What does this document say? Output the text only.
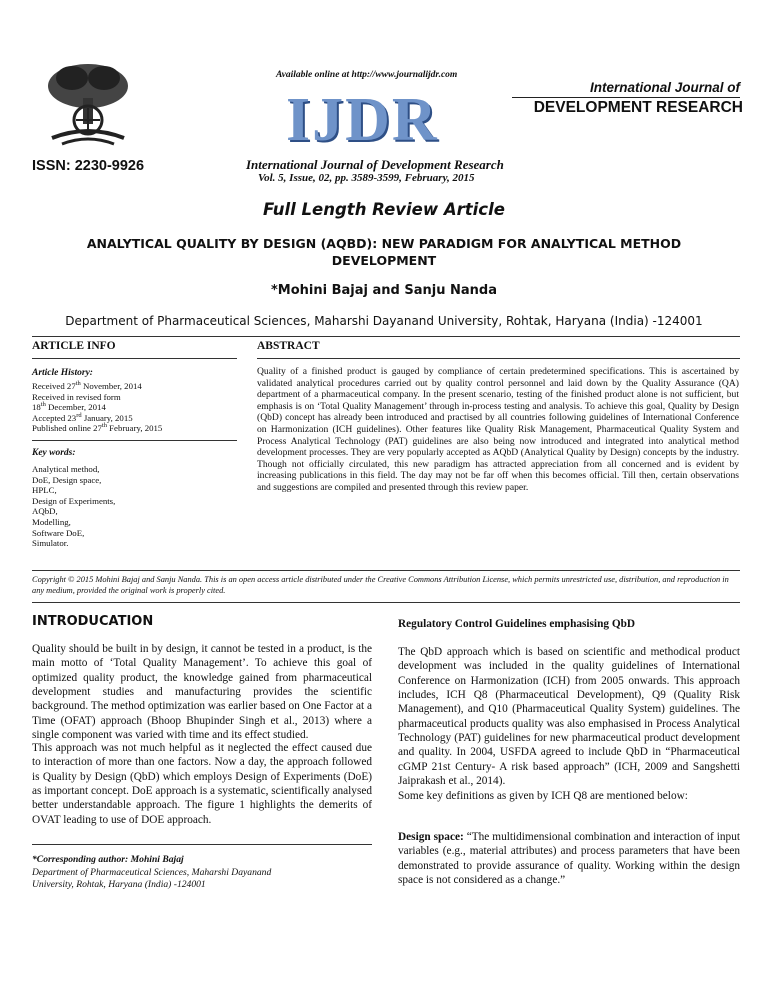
ISSN: 2230-9926
Available online at http://www.journalijdr.com
IJDR
International Journal of Development Research
Vol. 5, Issue, 02, pp. 3589-3599, February, 2015
International Journal of
DEVELOPMENT RESEARCH
Full Length Review Article
ANALYTICAL QUALITY BY DESIGN (AQBD): NEW PARADIGM FOR ANALYTICAL METHOD DEVELOPMENT
*Mohini Bajaj and Sanju Nanda
Department of Pharmaceutical Sciences, Maharshi Dayanand University, Rohtak, Haryana (India) -124001
ARTICLE INFO	ABSTRACT
Article History:
Received 27th November, 2014
Received in revised form
18th December, 2014
Accepted 23rd January, 2015
Published online 27th February, 2015
Key words:
Analytical method,
DoE, Design space,
HPLC,
Design of Experiments,
AQbD,
Modelling,
Software DoE,
Simulator.
Quality of a finished product is gauged by compliance of certain predetermined specifications. This is ascertained by validated analytical procedures carried out by quality control personnel and laid down by the Quality Assurance (QA) department of a pharmaceutical company. In the present scenario, testing of the finished product alone is not sufficient, but emphasis is on ‘Total Quality Management’ through in-process testing and analysis. To achieve this goal, Quality by Design (QbD) concept has already been introduced and practised by all countries following guidelines of International Conference on Harmonization (ICH guidelines). Other features like Quality Risk Management, Pharmaceutical Quality System and Process Analytical Technology (PAT) guidelines are also being now introduced and integrated into analytical method development processes. They are very popularly accepted as AQbD (Analytical Quality by Design) concepts by the industry. Though not officially circulated, this new paradigm has attracted appreciation from all concerned and is evident by increasing publications in this field. The day may not be far off when this becomes official. Till then, certain observations and suggestions are compiled and presented through this review paper.
Copyright © 2015 Mohini Bajaj and Sanju Nanda. This is an open access article distributed under the Creative Commons Attribution License, which permits unrestricted use, distribution, and reproduction in any medium, provided the original work is properly cited.
INTRODUCATION
Quality should be built in by design, it cannot be tested in a product, is the main motto of ‘Total Quality Management’. To achieve this goal of optimized quality product, the knowledge gained from pharmaceutical development studies and manufacturing provides the scientific background. The method optimization was earlier based on One Factor at a Time (OFAT) approach (Bhoop Bhupinder Singh et al., 2013) where a single component was varied with time and its effect studied.
This approach was not much helpful as it neglected the effect caused due to interaction of more than one factors. Now a day, the approach followed is Quality by Design (QbD) which employs Design of Experiments (DoE) as important concept. DoE approach is a systematic, scientifically analysed better understandable approach. The figure 1 highlights the demerits of OVAT leading to use of DOE approach.
*Corresponding author: Mohini Bajaj
Department of Pharmaceutical Sciences, Maharshi Dayanand
University, Rohtak, Haryana (India) -124001
Regulatory Control Guidelines emphasising QbD
The QbD approach which is based on scientific and methodical product development was included in the quality guidelines of International Conference on Harmonization (ICH) from 2005 onwards. This approach includes, ICH Q8 (Pharmaceutical Development), Q9 (Quality Risk Management), and Q10 (Pharmaceutical Quality System) guidelines. The pharmaceutical products quality was also emphasised in Process Analytical Technology (PAT) guidelines for new pharmaceutical product development and quality. In 2004, USFDA agreed to include QbD in “Pharmaceutical cGMP 21st Century- A risk based approach” (ICH, 2009 and Sangshetti Jaiprakash et al., 2014).
Some key definitions as given by ICH Q8 are mentioned below:
Design space: “The multidimensional combination and interaction of input variables (e.g., material attributes) and process parameters that have been demonstrated to provide assurance of quality. Working within the design space is not considered as a change.”
